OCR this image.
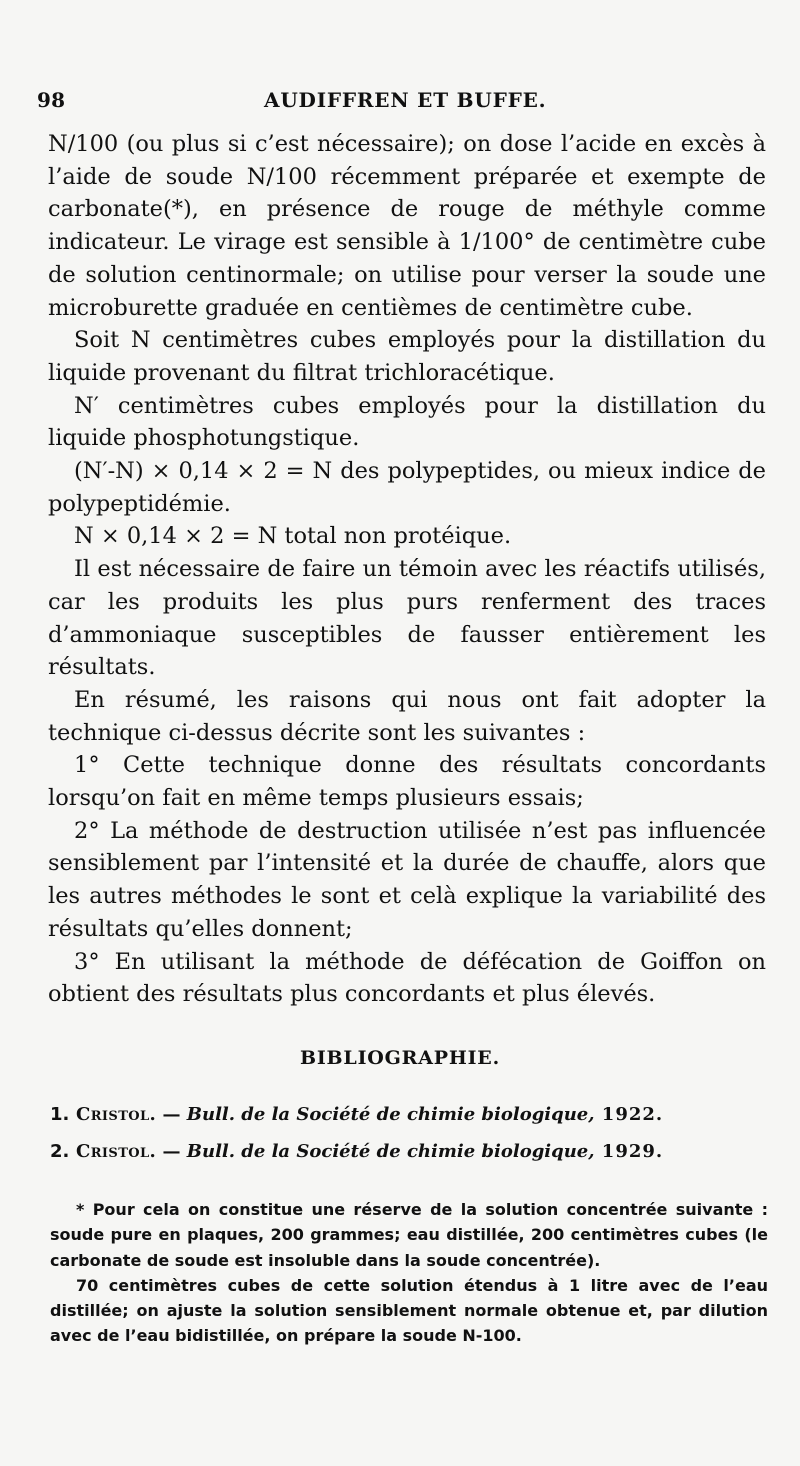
98	AUDIFFREN ET BUFFE.

N/100 (ou plus si c’est nécessaire); on dose l’acide en excès à l’aide de soude N/100 récemment préparée et exempte de carbonate(*), en présence de rouge de méthyle comme indicateur. Le virage est sensible à 1/100° de centimètre cube de solution centinormale; on utilise pour verser la soude une microburette graduée en centièmes de centimètre cube.

Soit N centimètres cubes employés pour la distillation du liquide provenant du filtrat trichloracétique.

N′ centimètres cubes employés pour la distillation du liquide phosphotungstique.

(N′-N) × 0,14 × 2 = N des polypeptides, ou mieux indice de polypeptidémie.

N × 0,14 × 2 = N total non protéique.

Il est nécessaire de faire un témoin avec les réactifs utilisés, car les produits les plus purs renferment des traces d’ammoniaque susceptibles de fausser entièrement les résultats.

En résumé, les raisons qui nous ont fait adopter la technique ci-dessus décrite sont les suivantes :

1° Cette technique donne des résultats concordants lorsqu’on fait en même temps plusieurs essais;

2° La méthode de destruction utilisée n’est pas influencée sensiblement par l’intensité et la durée de chauffe, alors que les autres méthodes le sont et celà explique la variabilité des résultats qu’elles donnent;

3° En utilisant la méthode de défécation de Goiffon on obtient des résultats plus concordants et plus élevés.

BIBLIOGRAPHIE.

1. Cristol. — Bull. de la Société de chimie biologique, 1922.

2. Cristol. — Bull. de la Société de chimie biologique, 1929.

* Pour cela on constitue une réserve de la solution concentrée suivante : soude pure en plaques, 200 grammes; eau distillée, 200 centimètres cubes (le carbonate de soude est insoluble dans la soude concentrée).

70 centimètres cubes de cette solution étendus à 1 litre avec de l’eau distillée; on ajuste la solution sensiblement normale obtenue et, par dilution avec de l’eau bidistillée, on prépare la soude N-100.
